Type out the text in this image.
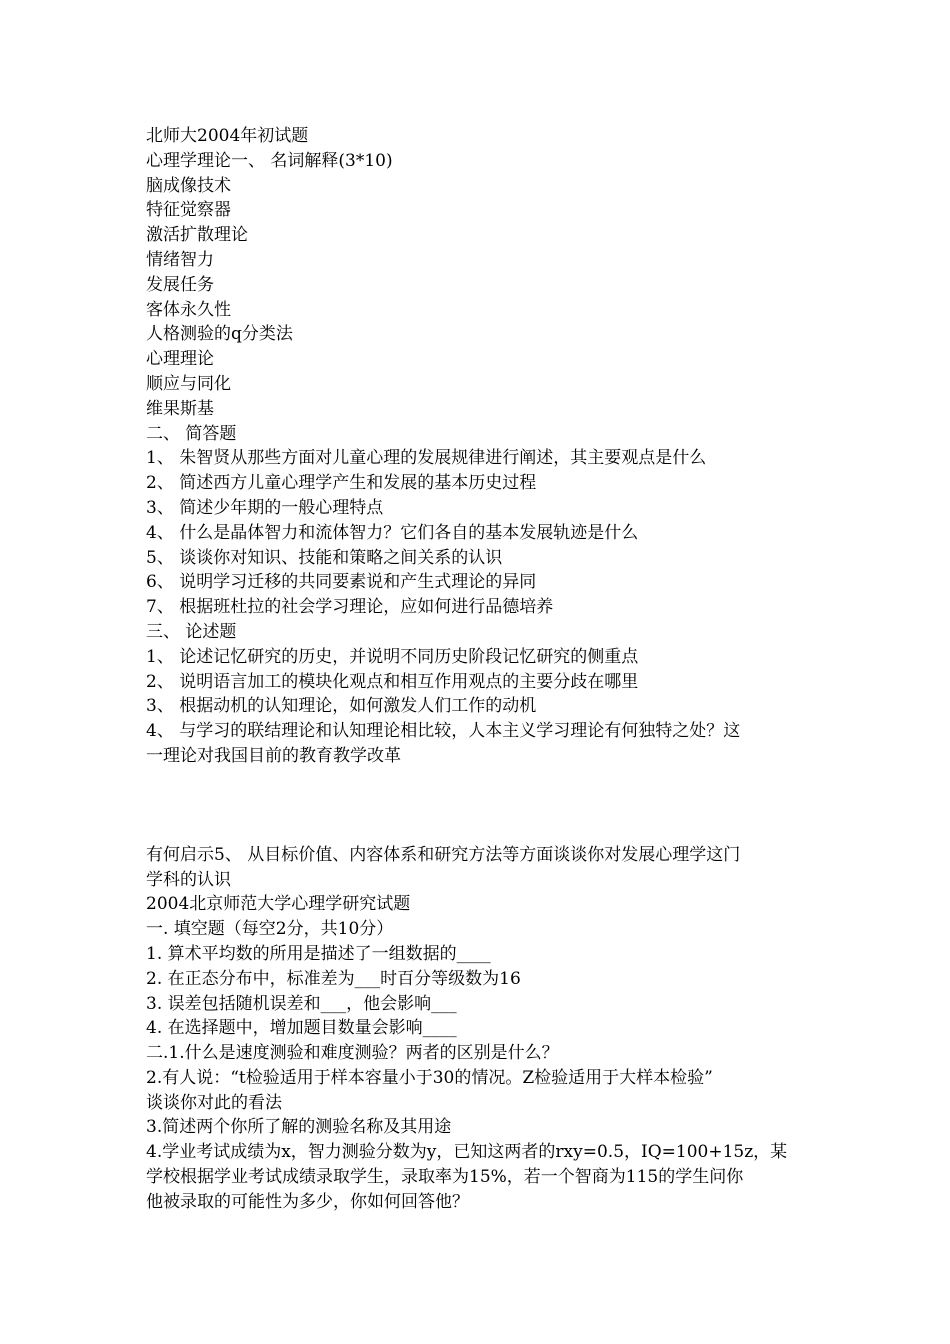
北师大2004年初试题
心理学理论一、 名词解释(3*10)
脑成像技术
特征觉察器
激活扩散理论
情绪智力
发展任务
客体永久性
人格测验的q分类法
心理理论
顺应与同化
维果斯基
二、 简答题
1、 朱智贤从那些方面对儿童心理的发展规律进行阐述，其主要观点是什么
2、 简述西方儿童心理学产生和发展的基本历史过程
3、 简述少年期的一般心理特点
4、 什么是晶体智力和流体智力？它们各自的基本发展轨迹是什么
5、 谈谈你对知识、技能和策略之间关系的认识
6、 说明学习迁移的共同要素说和产生式理论的异同
7、 根据班杜拉的社会学习理论，应如何进行品德培养
三、 论述题
1、 论述记忆研究的历史，并说明不同历史阶段记忆研究的侧重点
2、 说明语言加工的模块化观点和相互作用观点的主要分歧在哪里
3、 根据动机的认知理论，如何激发人们工作的动机
4、 与学习的联结理论和认知理论相比较，人本主义学习理论有何独特之处？这
一理论对我国目前的教育教学改革
有何启示5、 从目标价值、内容体系和研究方法等方面谈谈你对发展心理学这门
学科的认识
2004北京师范大学心理学研究试题
一. 填空题（每空2分，共10分）
1. 算术平均数的所用是描述了一组数据的____
2. 在正态分布中，标准差为___时百分等级数为16
3. 误差包括随机误差和___，他会影响___
4. 在选择题中，增加题目数量会影响____
二.1.什么是速度测验和难度测验？两者的区别是什么？
2.有人说：“t检验适用于样本容量小于30的情况。Z检验适用于大样本检验”
谈谈你对此的看法
3.简述两个你所了解的测验名称及其用途
4.学业考试成绩为x，智力测验分数为y，已知这两者的rxy=0.5，IQ=100+15z，某
学校根据学业考试成绩录取学生，录取率为15%，若一个智商为115的学生问你
他被录取的可能性为多少，你如何回答他？
